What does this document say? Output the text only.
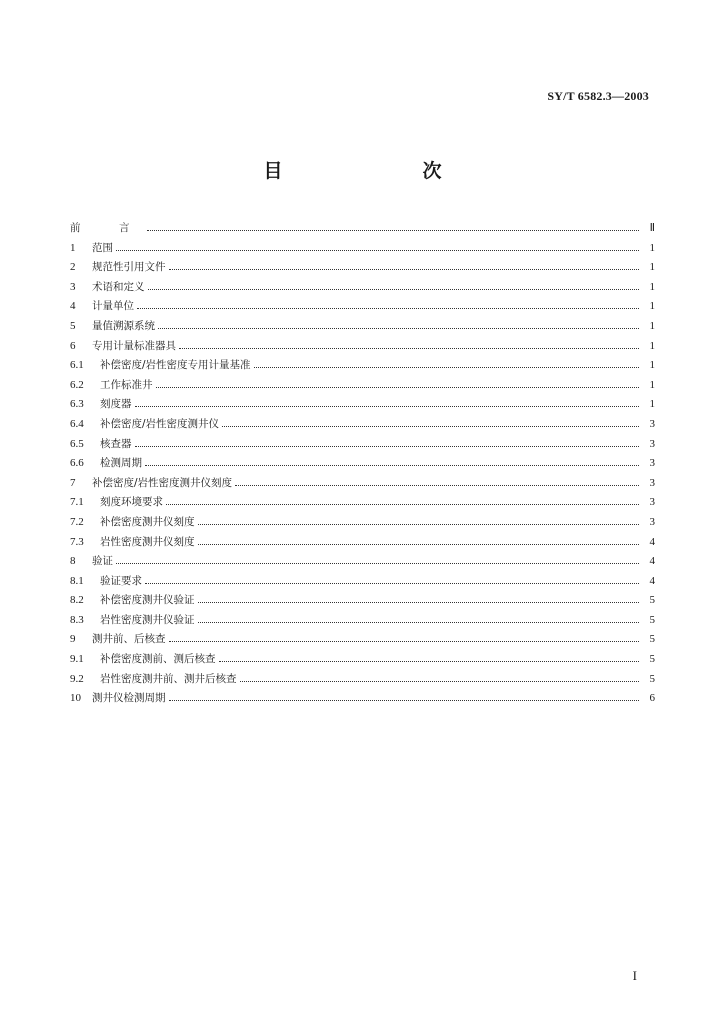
SY/T 6582.3—2003
目　　次
前　言	Ⅱ
1	范围	1
2	规范性引用文件	1
3	术语和定义	1
4	计量单位	1
5	量值溯源系统	1
6	专用计量标准器具	1
6.1	补偿密度/岩性密度专用计量基准	1
6.2	工作标准井	1
6.3	刻度器	1
6.4	补偿密度/岩性密度测井仪	3
6.5	核查器	3
6.6	检测周期	3
7	补偿密度/岩性密度测井仪刻度	3
7.1	刻度环境要求	3
7.2	补偿密度测井仪刻度	3
7.3	岩性密度测井仪刻度	4
8	验证	4
8.1	验证要求	4
8.2	补偿密度测井仪验证	5
8.3	岩性密度测井仪验证	5
9	测井前、后核查	5
9.1	补偿密度测前、测后核查	5
9.2	岩性密度测井前、测井后核查	5
10	测井仪检测周期	6
I
